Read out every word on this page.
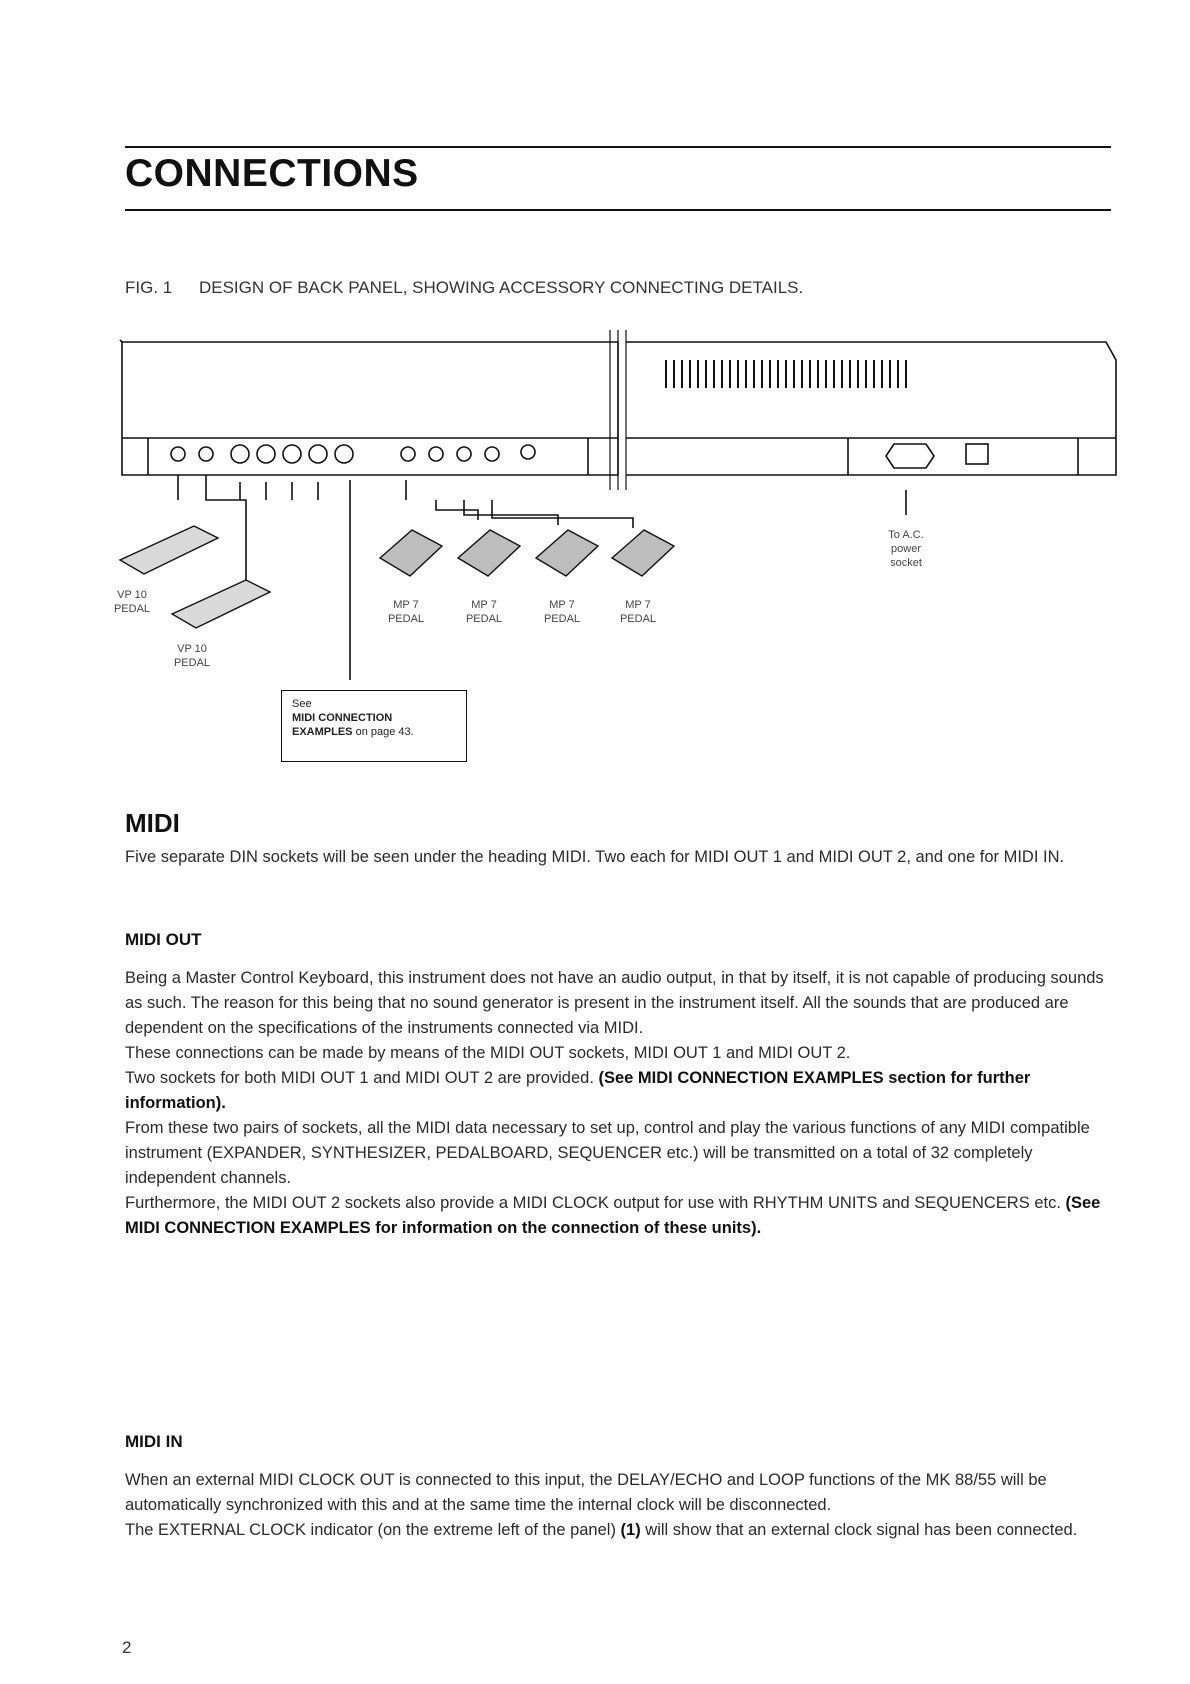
CONNECTIONS
FIG. 1 DESIGN OF BACK PANEL, SHOWING ACCESSORY CONNECTING DETAILS.
VP 10
PEDAL
VP 10
PEDAL
MP 7
PEDAL
MP 7
PEDAL
MP 7
PEDAL
MP 7
PEDAL
To A.C.
power
socket
See
MIDI CONNECTION
EXAMPLES on page 43.
MIDI

Five separate DIN sockets will be seen under the heading MIDI. Two each for MIDI OUT 1 and MIDI OUT 2, and one for MIDI IN.

MIDI OUT
Being a Master Control Keyboard, this instrument does not have an audio output, in that by itself, it is not capable of producing sounds as such. The reason for this being that no sound generator is present in the instrument itself. All the sounds that are produced are dependent on the specifications of the instruments connected via MIDI.
These connections can be made by means of the MIDI OUT sockets, MIDI OUT 1 and MIDI OUT 2.
Two sockets for both MIDI OUT 1 and MIDI OUT 2 are provided. (See MIDI CONNECTION EXAMPLES section for further information).
From these two pairs of sockets, all the MIDI data necessary to set up, control and play the various functions of any MIDI compatible instrument (EXPANDER, SYNTHESIZER, PEDALBOARD, SEQUENCER etc.) will be transmitted on a total of 32 completely independent channels.
Furthermore, the MIDI OUT 2 sockets also provide a MIDI CLOCK output for use with RHYTHM UNITS and SEQUENCERS etc. (See MIDI CONNECTION EXAMPLES for information on the connection of these units).
MIDI IN
When an external MIDI CLOCK OUT is connected to this input, the DELAY/ECHO and LOOP functions of the MK 88/55 will be automatically synchronized with this and at the same time the internal clock will be disconnected.
The EXTERNAL CLOCK indicator (on the extreme left of the panel) (1) will show that an external clock signal has been connected.
2
